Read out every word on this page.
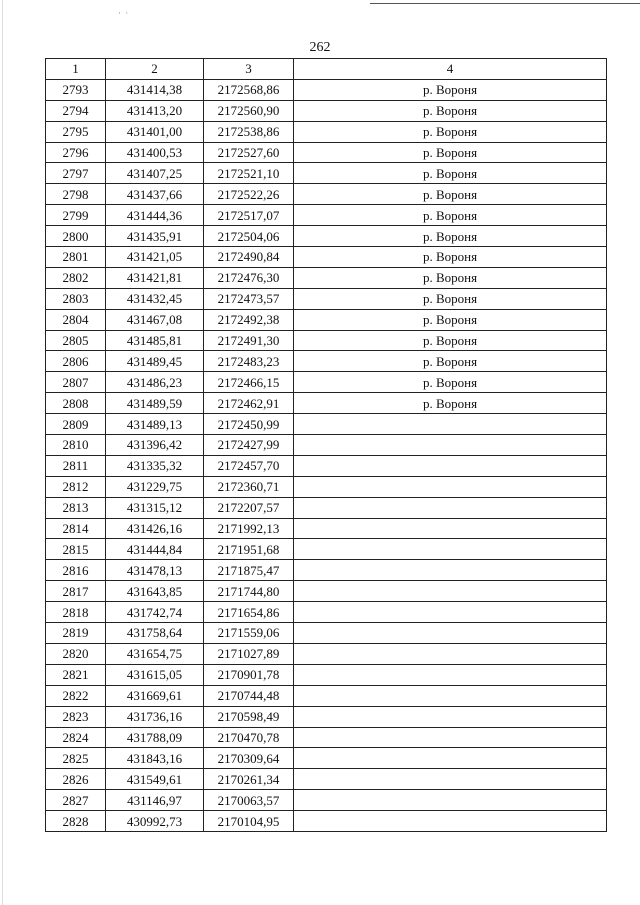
· ·
262
1	2	3	4
2793	431414,38	2172568,86	р. Вороня
2794	431413,20	2172560,90	р. Вороня
2795	431401,00	2172538,86	р. Вороня
2796	431400,53	2172527,60	р. Вороня
2797	431407,25	2172521,10	р. Вороня
2798	431437,66	2172522,26	р. Вороня
2799	431444,36	2172517,07	р. Вороня
2800	431435,91	2172504,06	р. Вороня
2801	431421,05	2172490,84	р. Вороня
2802	431421,81	2172476,30	р. Вороня
2803	431432,45	2172473,57	р. Вороня
2804	431467,08	2172492,38	р. Вороня
2805	431485,81	2172491,30	р. Вороня
2806	431489,45	2172483,23	р. Вороня
2807	431486,23	2172466,15	р. Вороня
2808	431489,59	2172462,91	р. Вороня
2809	431489,13	2172450,99	
2810	431396,42	2172427,99	
2811	431335,32	2172457,70	
2812	431229,75	2172360,71	
2813	431315,12	2172207,57	
2814	431426,16	2171992,13	
2815	431444,84	2171951,68	
2816	431478,13	2171875,47	
2817	431643,85	2171744,80	
2818	431742,74	2171654,86	
2819	431758,64	2171559,06	
2820	431654,75	2171027,89	
2821	431615,05	2170901,78	
2822	431669,61	2170744,48	
2823	431736,16	2170598,49	
2824	431788,09	2170470,78	
2825	431843,16	2170309,64	
2826	431549,61	2170261,34	
2827	431146,97	2170063,57	
2828	430992,73	2170104,95	
